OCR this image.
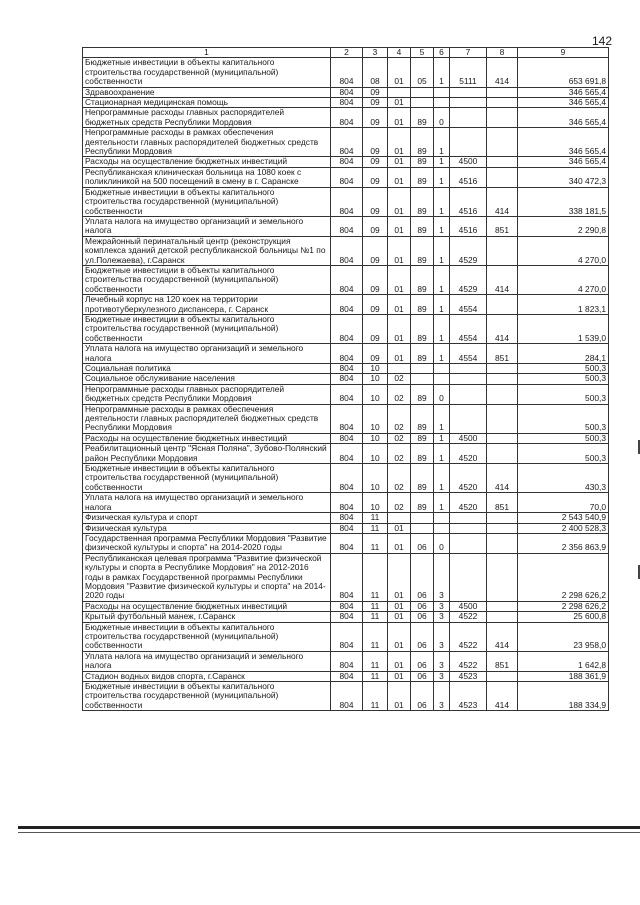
142
1	2	3	4	5	6	7	8	9
Бюджетные инвестиции в объекты капитального строительства государственной (муниципальной) собственности	804	08	01	05	1	5111	414	653 691,8
Здравоохранение	804	09						346 565,4
Стационарная медицинская помощь	804	09	01					346 565,4
Непрограммные расходы главных распорядителей бюджетных средств Республики Мордовия	804	09	01	89	0			346 565,4
Непрограммные расходы в рамках обеспечения деятельности главных распорядителей бюджетных средств Республики Мордовия	804	09	01	89	1			346 565,4
Расходы на осуществление бюджетных инвестиций	804	09	01	89	1	4500		346 565,4
Республиканская клиническая больница на 1080 коек с поликлиникой на 500 посещений в смену в г. Саранске	804	09	01	89	1	4516		340 472,3
Бюджетные инвестиции в объекты капитального строительства государственной (муниципальной) собственности	804	09	01	89	1	4516	414	338 181,5
Уплата налога на имущество организаций и земельного налога	804	09	01	89	1	4516	851	2 290,8
Межрайонный перинатальный центр (реконструкция комплекса зданий детской республиканской больницы №1 по ул.Полежаева), г.Саранск	804	09	01	89	1	4529		4 270,0
Бюджетные инвестиции в объекты капитального строительства государственной (муниципальной) собственности	804	09	01	89	1	4529	414	4 270,0
Лечебный корпус на 120 коек на территории противотуберкулезного диспансера, г. Саранск	804	09	01	89	1	4554		1 823,1
Бюджетные инвестиции в объекты капитального строительства государственной (муниципальной) собственности	804	09	01	89	1	4554	414	1 539,0
Уплата налога на имущество организаций и земельного налога	804	09	01	89	1	4554	851	284,1
Социальная политика	804	10						500,3
Социальное обслуживание населения	804	10	02					500,3
Непрограммные расходы главных распорядителей бюджетных средств Республики Мордовия	804	10	02	89	0			500,3
Непрограммные расходы в рамках обеспечения деятельности главных распорядителей бюджетных средств Республики Мордовия	804	10	02	89	1			500,3
Расходы на осуществление бюджетных инвестиций	804	10	02	89	1	4500		500,3
Реабилитационный центр "Ясная Поляна", Зубово-Полянский район Республики Мордовия	804	10	02	89	1	4520		500,3
Бюджетные инвестиции в объекты капитального строительства государственной (муниципальной) собственности	804	10	02	89	1	4520	414	430,3
Уплата налога на имущество организаций и земельного налога	804	10	02	89	1	4520	851	70,0
Физическая культура и спорт	804	11						2 543 540,9
Физическая культура	804	11	01					2 400 528,3
Государственная программа Республики Мордовия "Развитие физической культуры и спорта" на 2014-2020 годы	804	11	01	06	0			2 356 863,9
Республиканская целевая программа "Развитие физической культуры и спорта в Республике Мордовия" на 2012-2016 годы в рамках Государственной программы Республики Мордовия "Развитие физической культуры и спорта" на 2014-2020 годы	804	11	01	06	3			2 298 626,2
Расходы на осуществление бюджетных инвестиций	804	11	01	06	3	4500		2 298 626,2
Крытый футбольный манеж, г.Саранск	804	11	01	06	3	4522		25 600,8
Бюджетные инвестиции в объекты капитального строительства государственной (муниципальной) собственности	804	11	01	06	3	4522	414	23 958,0
Уплата налога на имущество организаций и земельного налога	804	11	01	06	3	4522	851	1 642,8
Стадион водных видов спорта, г.Саранск	804	11	01	06	3	4523		188 361,9
Бюджетные инвестиции в объекты капитального строительства государственной (муниципальной) собственности	804	11	01	06	3	4523	414	188 334,9
